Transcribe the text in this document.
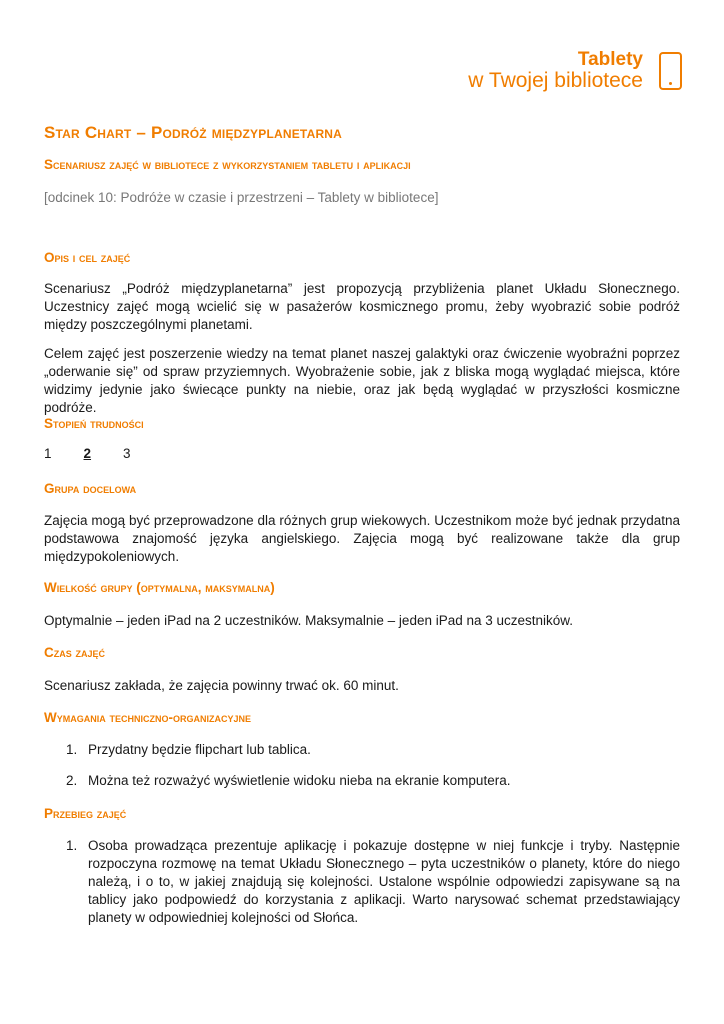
Tablety
w Twojej bibliotece
Star Chart – Podróż międzyplanetarna
Scenariusz zajęć w bibliotece z wykorzystaniem tabletu i aplikacji

[odcinek 10: Podróże w czasie i przestrzeni – Tablety w bibliotece]

Opis i cel zajęć

Scenariusz „Podróż międzyplanetarna” jest propozycją przybliżenia planet Układu Słonecznego. Uczestnicy zajęć mogą wcielić się w pasażerów kosmicznego promu, żeby wyobrazić sobie podróż między poszczególnymi planetami.

Celem zajęć jest poszerzenie wiedzy na temat planet naszej galaktyki oraz ćwiczenie wyobraźni poprzez „oderwanie się” od spraw przyziemnych. Wyobrażenie sobie, jak z bliska mogą wyglądać miejsca, które widzimy jedynie jako świecące punkty na niebie, oraz jak będą wyglądać w przyszłości kosmiczne podróże.

Stopień trudności
1 2 3
Grupa docelowa

Zajęcia mogą być przeprowadzone dla różnych grup wiekowych. Uczestnikom może być jednak przydatna podstawowa znajomość języka angielskiego. Zajęcia mogą być realizowane także dla grup międzypokoleniowych.

Wielkość grupy (optymalna, maksymalna)

Optymalnie – jeden iPad na 2 uczestników. Maksymalnie – jeden iPad na 3 uczestników.

Czas zajęć

Scenariusz zakłada, że zajęcia powinny trwać ok. 60 minut.

Wymagania techniczno-organizacyjne
1. Przydatny będzie flipchart lub tablica.
2. Można też rozważyć wyświetlenie widoku nieba na ekranie komputera.
Przebieg zajęć
1. Osoba prowadząca prezentuje aplikację i pokazuje dostępne w niej funkcje i tryby. Następnie rozpoczyna rozmowę na temat Układu Słonecznego – pyta uczestników o planety, które do niego należą, i o to, w jakiej znajdują się kolejności. Ustalone wspólnie odpowiedzi zapisywane są na tablicy jako podpowiedź do korzystania z aplikacji. Warto narysować schemat przedstawiający planety w odpowiedniej kolejności od Słońca.
